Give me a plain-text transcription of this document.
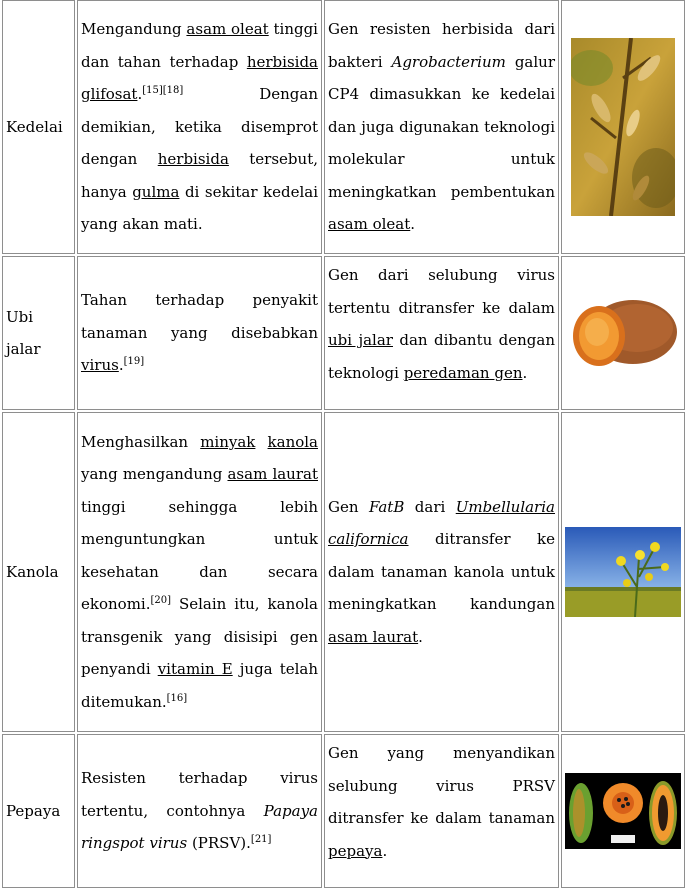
Kedelai	Mengandung asam oleat tinggi dan tahan terhadap herbisida glifosat.[15][18] Dengan demikian, ketika disemprot dengan herbisida tersebut, hanya gulma di sekitar kedelai yang akan mati.	Gen resisten herbisida dari bakteri Agrobacterium galur CP4 dimasukkan ke kedelai dan juga digunakan teknologi molekular untuk meningkatkan pembentukan asam oleat.	

Ubi jalar	Tahan terhadap penyakit tanaman yang disebabkan virus.[19]	Gen dari selubung virus tertentu ditransfer ke dalam ubi jalar dan dibantu dengan teknologi peredaman gen.	

Kanola	Menghasilkan minyak kanola yang mengandung asam laurat tinggi sehingga lebih menguntungkan untuk kesehatan dan secara ekonomi.[20] Selain itu, kanola transgenik yang disisipi gen penyandi vitamin E juga telah ditemukan.[16]	Gen FatB dari Umbellularia californica ditransfer ke dalam tanaman kanola untuk meningkatkan kandungan asam laurat.	

Pepaya	Resisten terhadap virus tertentu, contohnya Papaya ringspot virus (PRSV).[21]	Gen yang menyandikan selubung virus PRSV ditransfer ke dalam tanaman pepaya.	
